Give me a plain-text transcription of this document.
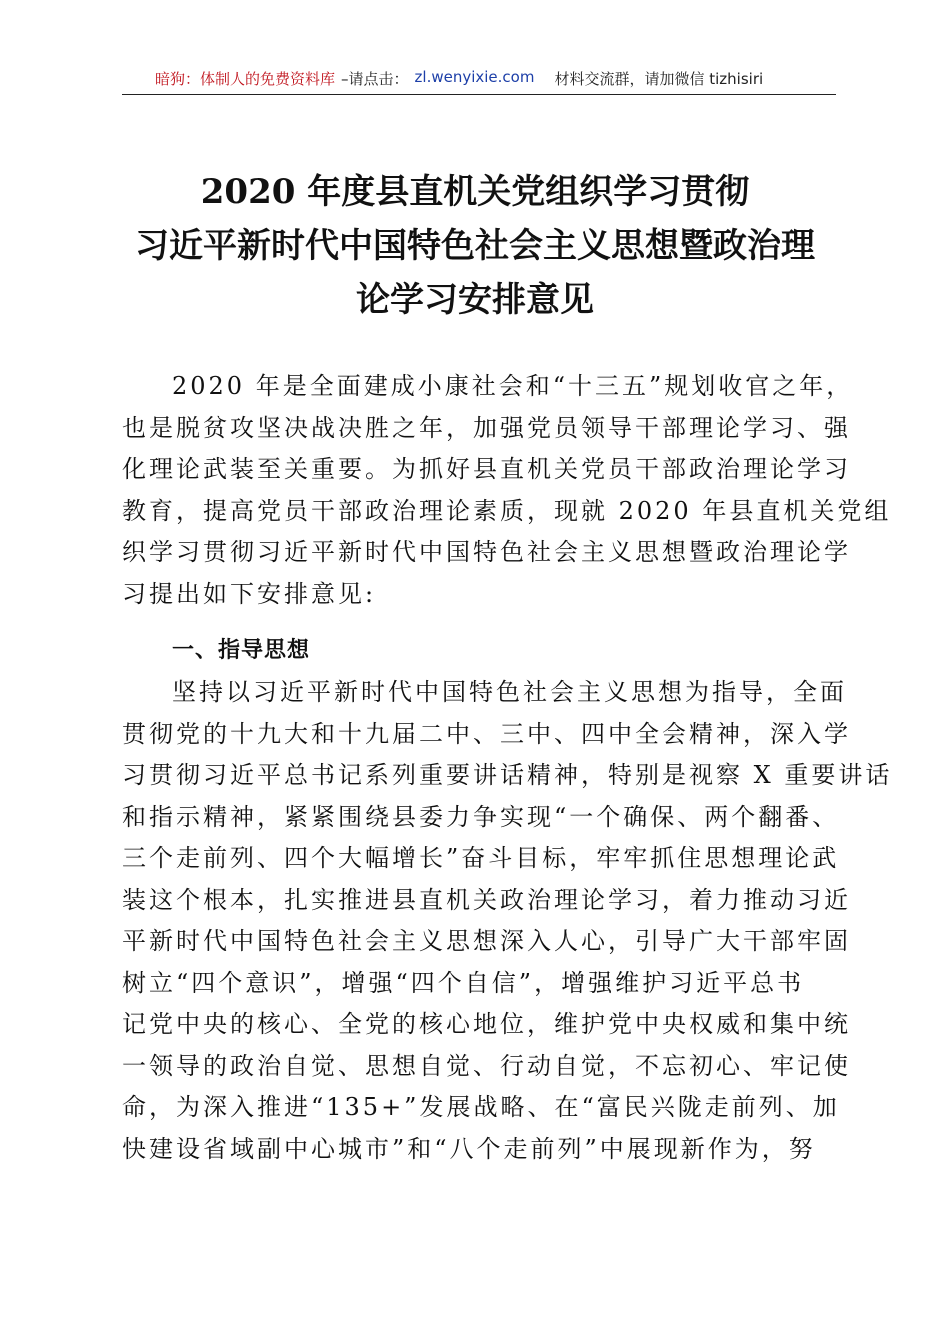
暗狗：体制人的免费资料库 –请点击： zl.wenyixie.com 材料交流群，请加微信 tizhisiri
2020 年度县直机关党组织学习贯彻
习近平新时代中国特色社会主义思想暨政治理
论学习安排意见
2020 年是全面建成小康社会和“十三五”规划收官之年，
也是脱贫攻坚决战决胜之年，加强党员领导干部理论学习、强
化理论武装至关重要。为抓好县直机关党员干部政治理论学习
教育，提高党员干部政治理论素质，现就 2020 年县直机关党组
织学习贯彻习近平新时代中国特色社会主义思想暨政治理论学
习提出如下安排意见:
一、指导思想
坚持以习近平新时代中国特色社会主义思想为指导，全面
贯彻党的十九大和十九届二中、三中、四中全会精神，深入学
习贯彻习近平总书记系列重要讲话精神，特别是视察 X 重要讲话
和指示精神，紧紧围绕县委力争实现“一个确保、两个翻番、
三个走前列、四个大幅增长”奋斗目标，牢牢抓住思想理论武
装这个根本，扎实推进县直机关政治理论学习，着力推动习近
平新时代中国特色社会主义思想深入人心，引导广大干部牢固
树立“四个意识”，增强“四个自信”，增强维护习近平总书
记党中央的核心、全党的核心地位，维护党中央权威和集中统
一领导的政治自觉、思想自觉、行动自觉，不忘初心、牢记使
命，为深入推进“135+”发展战略、在“富民兴陇走前列、加
快建设省域副中心城市”和“八个走前列”中展现新作为，努
